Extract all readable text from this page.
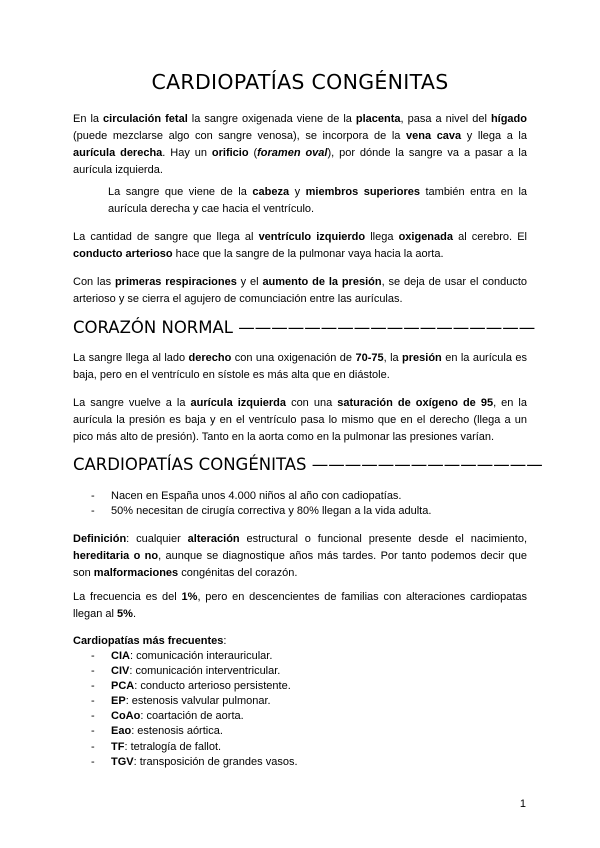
CARDIOPATÍAS CONGÉNITAS

En la circulación fetal la sangre oxigenada viene de la placenta, pasa a nivel del hígado (puede mezclarse algo con sangre venosa), se incorpora de la vena cava y llega a la aurícula derecha. Hay un orificio (foramen oval), por dónde la sangre va a pasar a la aurícula izquierda.

La sangre que viene de la cabeza y miembros superiores también entra en la aurícula derecha y cae hacia el ventrículo.

La cantidad de sangre que llega al ventrículo izquierdo llega oxigenada al cerebro. El conducto arterioso hace que la sangre de la pulmonar vaya hacia la aorta.

Con las primeras respiraciones y el aumento de la presión, se deja de usar el conducto arterioso y se cierra el agujero de comunciación entre las aurículas.

CORAZÓN NORMAL ——————————————————

La sangre llega al lado derecho con una oxigenación de 70-75, la presión en la aurícula es baja, pero en el ventrículo en sístole es más alta que en diástole.

La sangre vuelve a la aurícula izquierda con una saturación de oxígeno de 95, en la aurícula la presión es baja y en el ventrículo pasa lo mismo que en el derecho (llega a un pico más alto de presión). Tanto en la aorta como en la pulmonar las presiones varían.

CARDIOPATÍAS CONGÉNITAS ——————————————
- Nacen en España unos 4.000 niños al año con cadiopatías.
- 50% necesitan de cirugía correctiva y 80% llegan a la vida adulta.

Definición: cualquier alteración estructural o funcional presente desde el nacimiento, hereditaria o no, aunque se diagnostique años más tardes. Por tanto podemos decir que son malformaciones congénitas del corazón.

La frecuencia es del 1%, pero en descencientes de familias con alteraciones cardiopatas llegan al 5%.

Cardiopatías más frecuentes:

- CIA: comunicación interauricular.
- CIV: comunicación interventricular.
- PCA: conducto arterioso persistente.
- EP: estenosis valvular pulmonar.
- CoAo: coartación de aorta.
- Eao: estenosis aórtica.
- TF: tetralogía de fallot.
- TGV: transposición de grandes vasos.
1
